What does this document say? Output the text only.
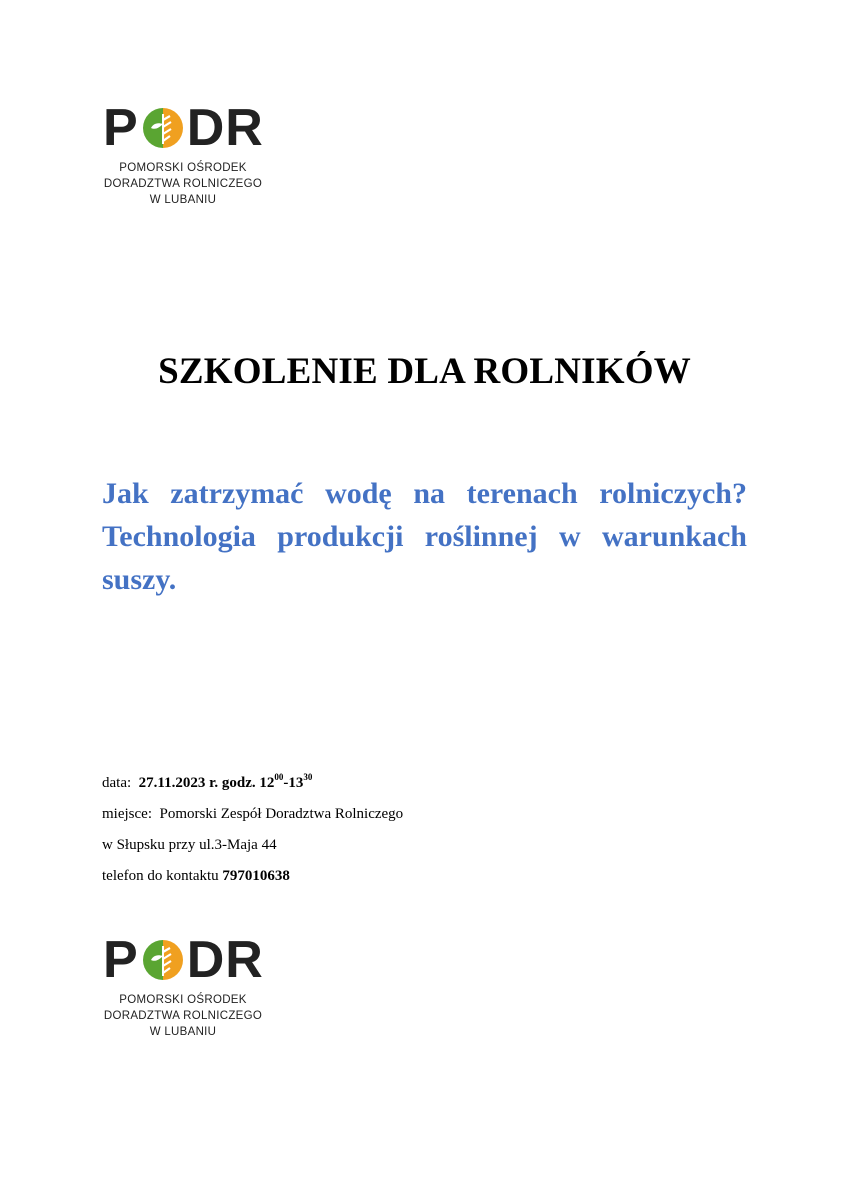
P DR
POMORSKI OŚRODEK
DORADZTWA ROLNICZEGO
W LUBANIU
SZKOLENIE DLA ROLNIKÓW
Jak zatrzymać wodę na terenach rolniczych? Technologia produkcji roślinnej w warunkach suszy.
data: 27.11.2023 r. godz. $12^{00}-13^{30}$
miejsce: Pomorski Zespół Doradztwa Rolniczego
w Słupsku przy ul.3-Maja 44
telefon do kontaktu 797010638
P DR
POMORSKI OŚRODEK
DORADZTWA ROLNICZEGO
W LUBANIU
